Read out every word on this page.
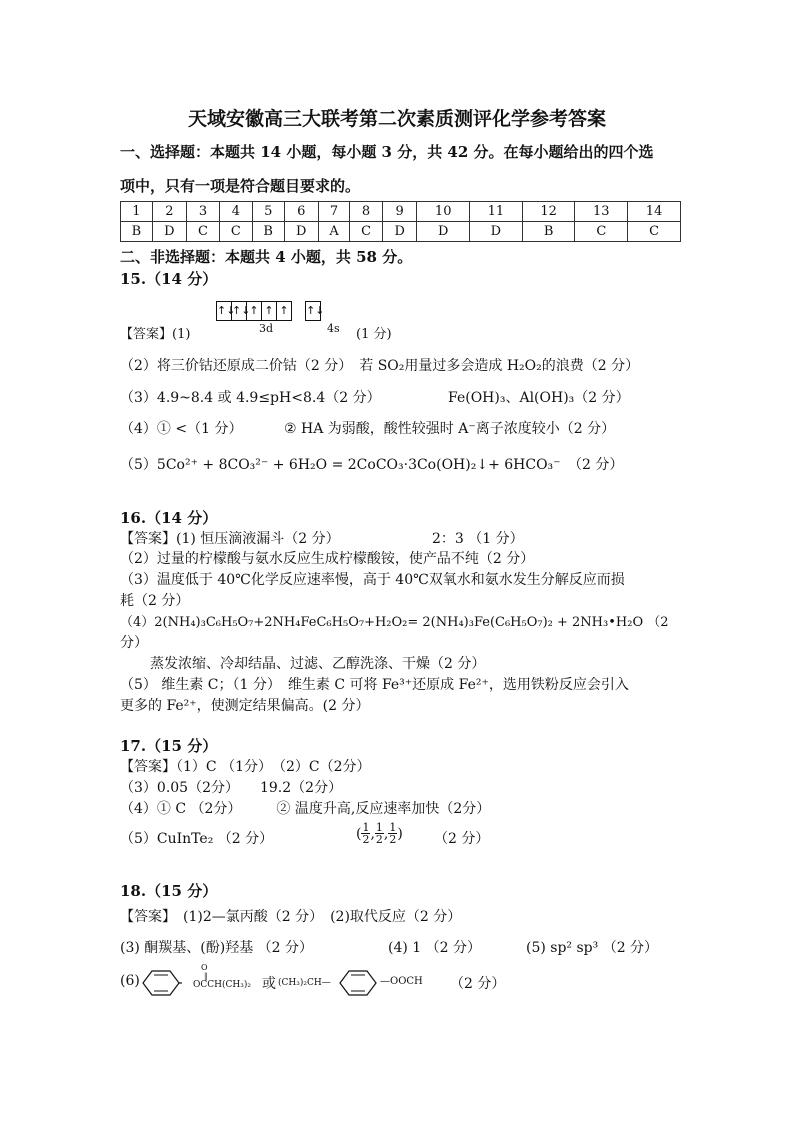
天域安徽高三大联考第二次素质测评化学参考答案
一、选择题：本题共 14 小题，每小题 3 分，共 42 分。在每小题给出的四个选
项中，只有一项是符合题目要求的。
1	2	3	4	5	6	7	8	9	10	11	12	13	14
B	D	C	C	B	D	A	C	D	D	D	B	C	C
二、非选择题：本题共 4 小题，共 58 分。
15.（14 分）
↑↓
↑↓
↑ ↑ ↑
↑↓
3d	4s
【答案】(1)	(1 分)
（2）将三价钴还原成二价钴（2 分）　若 SO₂用量过多会造成 H₂O₂的浪费（2 分）
（3）4.9~8.4 或 4.9≤pH<8.4（2 分）	Fe(OH)₃、Al(OH)₃（2 分）
（4）① <（1 分）	② HA 为弱酸，酸性较强时 A⁻离子浓度较小（2 分）
（5）5Co²⁺ + 8CO₃²⁻ + 6H₂O = 2CoCO₃·3Co(OH)₂↓+ 6HCO₃⁻ （2 分）
16.（14 分）
【答案】(1) 恒压滴液漏斗（2 分）	2：3 （1 分）
（2）过量的柠檬酸与氨水反应生成柠檬酸铵，使产品不纯（2 分）
（3）温度低于 40℃化学反应速率慢，高于 40℃双氧水和氨水发生分解反应而损
耗（2 分）
（4）2(NH₄)₃C₆H₅O₇+2NH₄FeC₆H₅O₇+H₂O₂= 2(NH₄)₃Fe(C₆H₅O₇)₂ + 2NH₃•H₂O （2
分）
蒸发浓缩、冷却结晶、过滤、乙醇洗涤、干燥（2 分）
（5） 维生素 C；（1 分）　维生素 C 可将 Fe³⁺还原成 Fe²⁺，选用铁粉反应会引入
更多的 Fe²⁺，使测定结果偏高。(2 分）
17.（15 分）
【答案】（1）C （1分）　（2）C（2分）
（3）0.05（2分）　　19.2（2分）
（4）① C （2分）　　　② 温度升高,反应速率加快（2分）
（5）CuInTe₂ （2 分）	( $\frac{1}{2}$ , $\frac{1}{2}$ , $\frac{1}{2}$ ) （2 分）
18.（15 分）
【答案】　(1)2—氯丙酸（2 分）　(2)取代反应（2 分）
(3) 酮羰基、(酚)羟基 （2 分）	(4) 1 （2 分）	(5) sp² sp³ （2 分）
(6)
O
‖
OCCH(CH₃)₂ 或 (CH₃)₂CH—	—OOCH （2 分）
